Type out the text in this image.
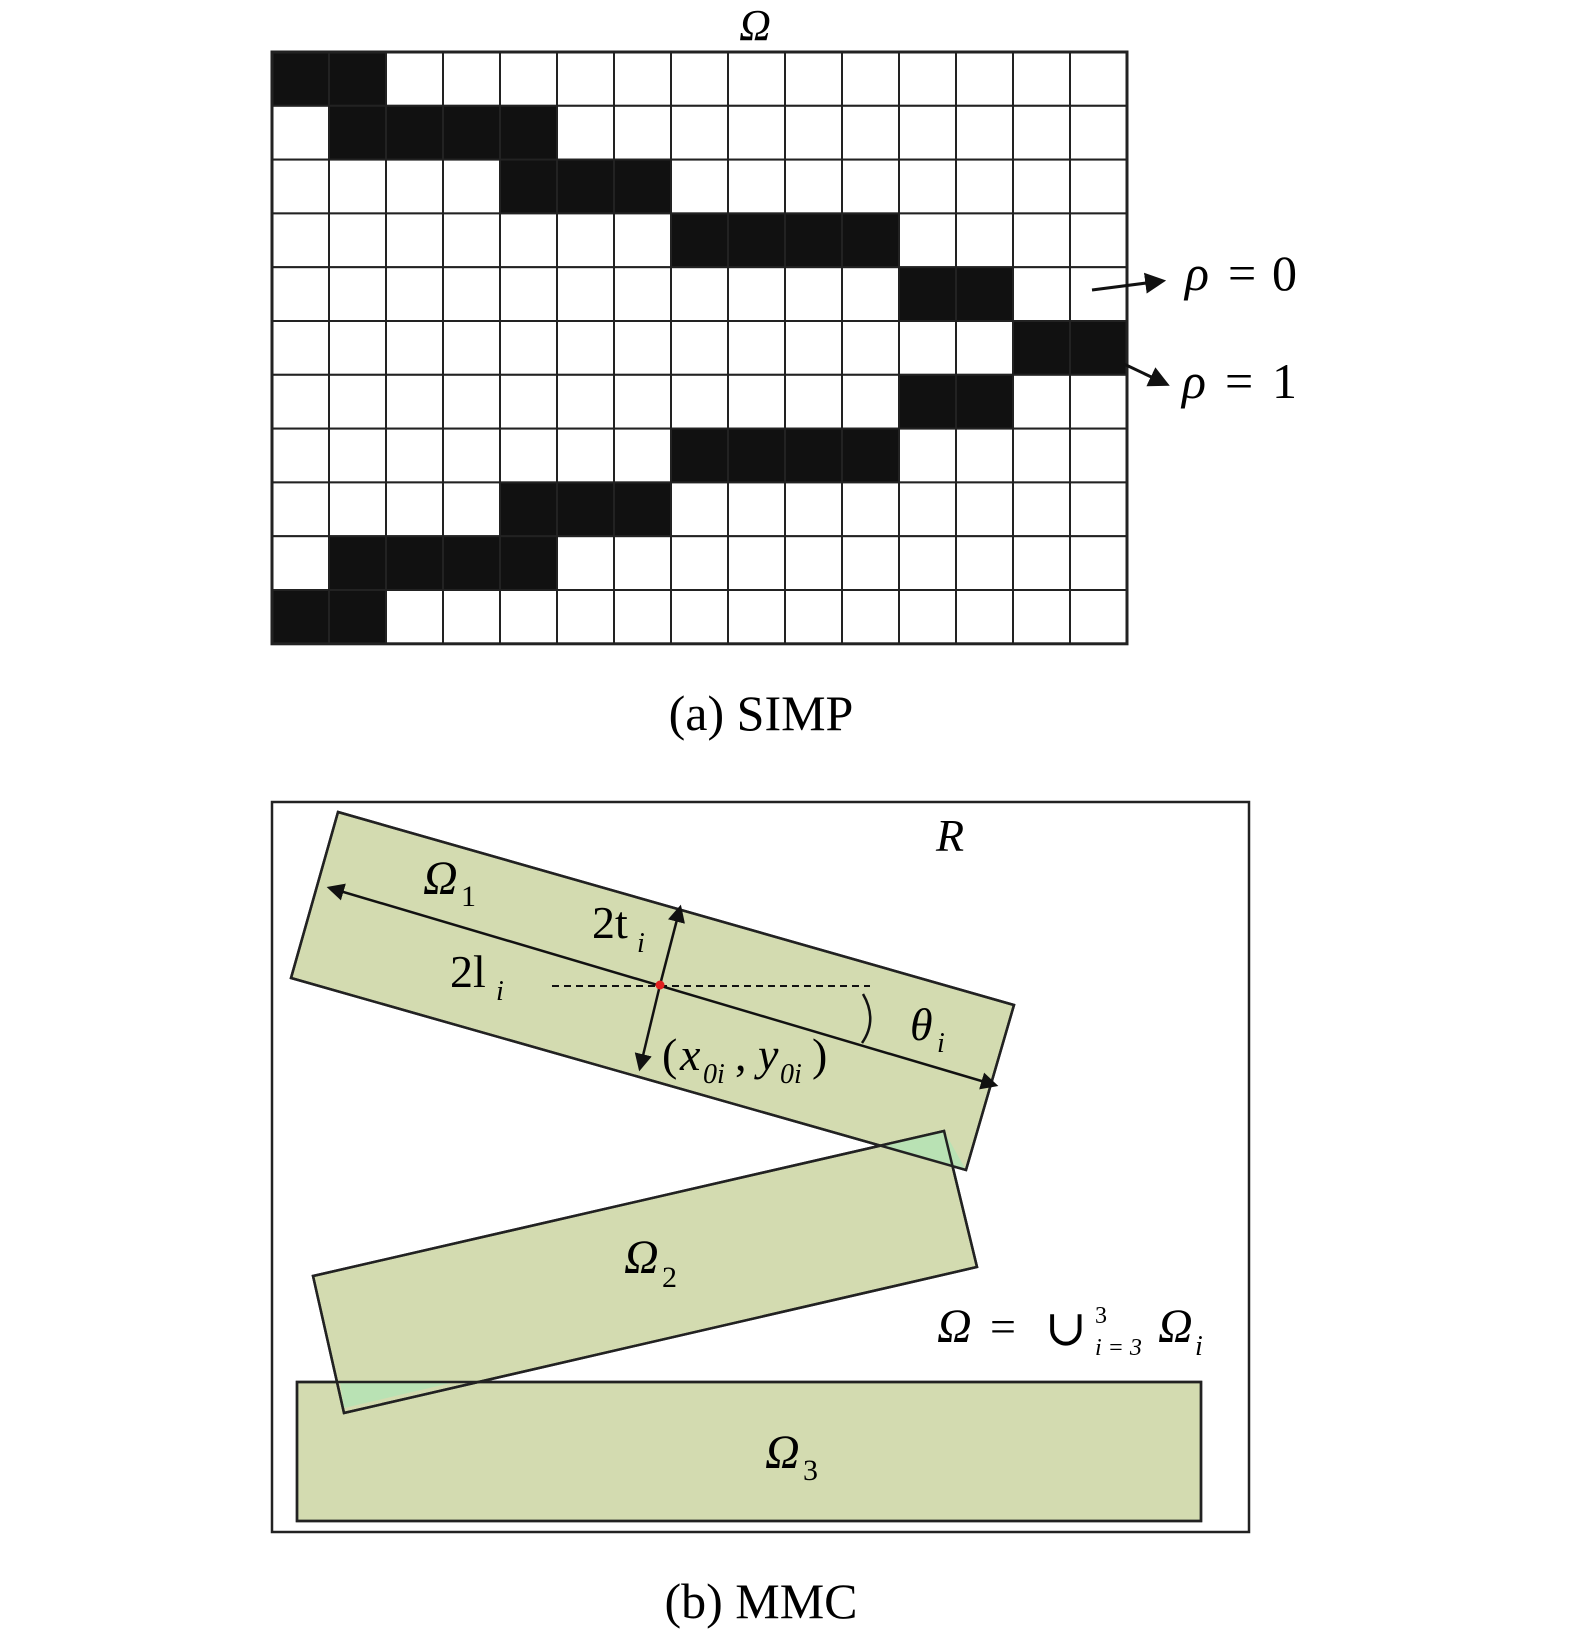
Ω
ρ = 0
ρ = 1
(a) SIMP
R
Ω 1
2t i
2l i
θ i
( x 0i , y 0i )
Ω 2
Ω 3
Ω = ∪ 3
i = 3 Ω i
(b) MMC
